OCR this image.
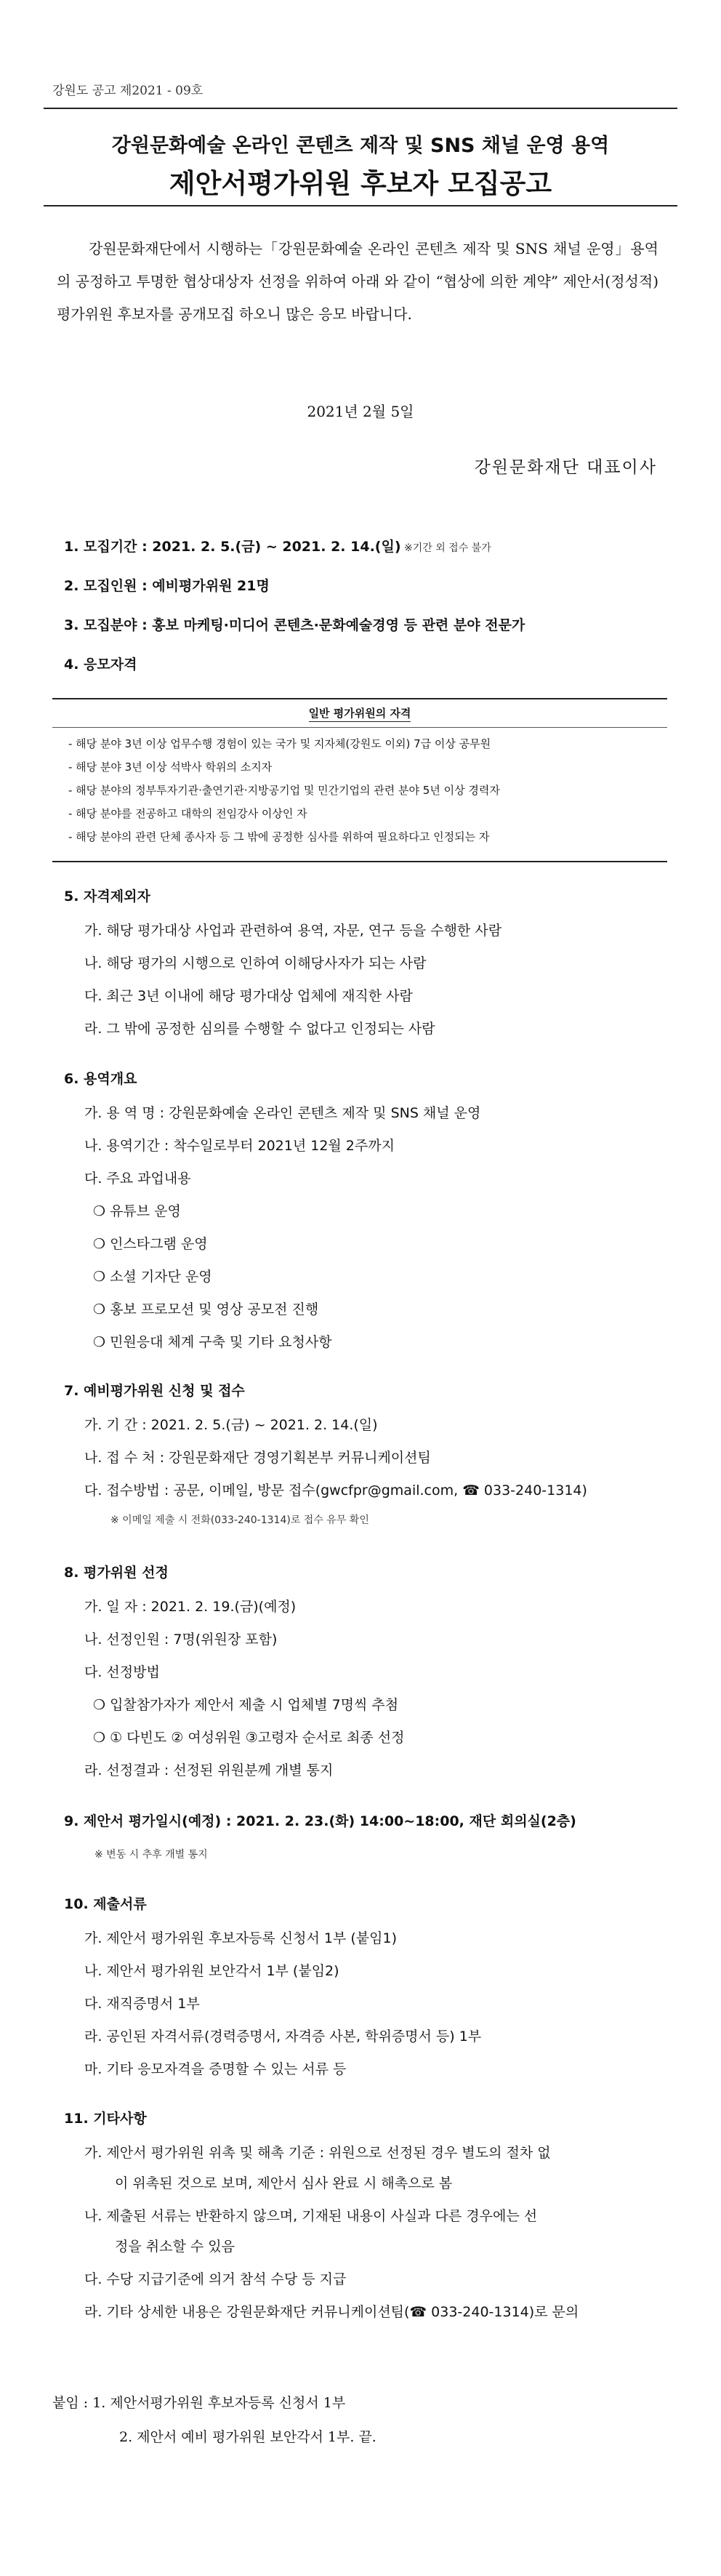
강원도 공고 제2021 - 09호
강원문화예술 온라인 콘텐츠 제작 및 SNS 채널 운영 용역
제안서평가위원 후보자 모집공고
강원문화재단에서 시행하는「강원문화예술 온라인 콘텐츠 제작 및 SNS 채널 운영」용역의 공정하고 투명한 협상대상자 선정을 위하여 아래 와 같이 “협상에 의한 계약” 제안서(정성적) 평가위원 후보자를 공개모집 하오니 많은 응모 바랍니다.
2021년 2월 5일
강원문화재단 대표이사
1. 모집기간 : 2021. 2. 5.(금) ~ 2021. 2. 14.(일) ※기간 외 접수 불가
2. 모집인원 : 예비평가위원 21명
3. 모집분야 : 홍보 마케팅·미디어 콘텐츠·문화예술경영 등 관련 분야 전문가
4. 응모자격
일반 평가위원의 자격
- 해당 분야 3년 이상 업무수행 경험이 있는 국가 및 지자체(강원도 이외) 7급 이상 공무원
- 해당 분야 3년 이상 석박사 학위의 소지자
- 해당 분야의 정부투자기관·출연기관·지방공기업 및 민간기업의 관련 분야 5년 이상 경력자
- 해당 분야를 전공하고 대학의 전임강사 이상인 자
- 해당 분야의 관련 단체 종사자 등 그 밖에 공정한 심사를 위하여 필요하다고 인정되는 자
5. 자격제외자
가. 해당 평가대상 사업과 관련하여 용역, 자문, 연구 등을 수행한 사람
나. 해당 평가의 시행으로 인하여 이해당사자가 되는 사람
다. 최근 3년 이내에 해당 평가대상 업체에 재직한 사람
라. 그 밖에 공정한 심의를 수행할 수 없다고 인정되는 사람
6. 용역개요
가. 용 역 명 : 강원문화예술 온라인 콘텐츠 제작 및 SNS 채널 운영
나. 용역기간 : 착수일로부터 2021년 12월 2주까지
다. 주요 과업내용
❍ 유튜브 운영
❍ 인스타그램 운영
❍ 소셜 기자단 운영
❍ 홍보 프로모션 및 영상 공모전 진행
❍ 민원응대 체계 구축 및 기타 요청사항
7. 예비평가위원 신청 및 접수
가. 기 간 : 2021. 2. 5.(금) ~ 2021. 2. 14.(일)
나. 접 수 처 : 강원문화재단 경영기획본부 커뮤니케이션팀
다. 접수방법 : 공문, 이메일, 방문 접수(gwcfpr@gmail.com, ☎ 033-240-1314)
※ 이메일 제출 시 전화(033-240-1314)로 접수 유무 확인
8. 평가위원 선정
가. 일 자 : 2021. 2. 19.(금)(예정)
나. 선정인원 : 7명(위원장 포함)
다. 선정방법
❍ 입찰참가자가 제안서 제출 시 업체별 7명씩 추첨
❍ ① 다빈도 ② 여성위원 ③고령자 순서로 최종 선정
라. 선정결과 : 선정된 위원분께 개별 통지
9. 제안서 평가일시(예정) : 2021. 2. 23.(화) 14:00~18:00, 재단 회의실(2층)
※ 변동 시 추후 개별 통지
10. 제출서류
가. 제안서 평가위원 후보자등록 신청서 1부 (붙임1)
나. 제안서 평가위원 보안각서 1부 (붙임2)
다. 재직증명서 1부
라. 공인된 자격서류(경력증명서, 자격증 사본, 학위증명서 등) 1부
마. 기타 응모자격을 증명할 수 있는 서류 등
11. 기타사항
가. 제안서 평가위원 위촉 및 해촉 기준 : 위원으로 선정된 경우 별도의 절차 없
이 위촉된 것으로 보며, 제안서 심사 완료 시 해촉으로 봄
나. 제출된 서류는 반환하지 않으며, 기재된 내용이 사실과 다른 경우에는 선
정을 취소할 수 있음
다. 수당 지급기준에 의거 참석 수당 등 지급
라. 기타 상세한 내용은 강원문화재단 커뮤니케이션팀(☎ 033-240-1314)로 문의
붙임 : 1. 제안서평가위원 후보자등록 신청서 1부
2. 제안서 예비 평가위원 보안각서 1부. 끝.
